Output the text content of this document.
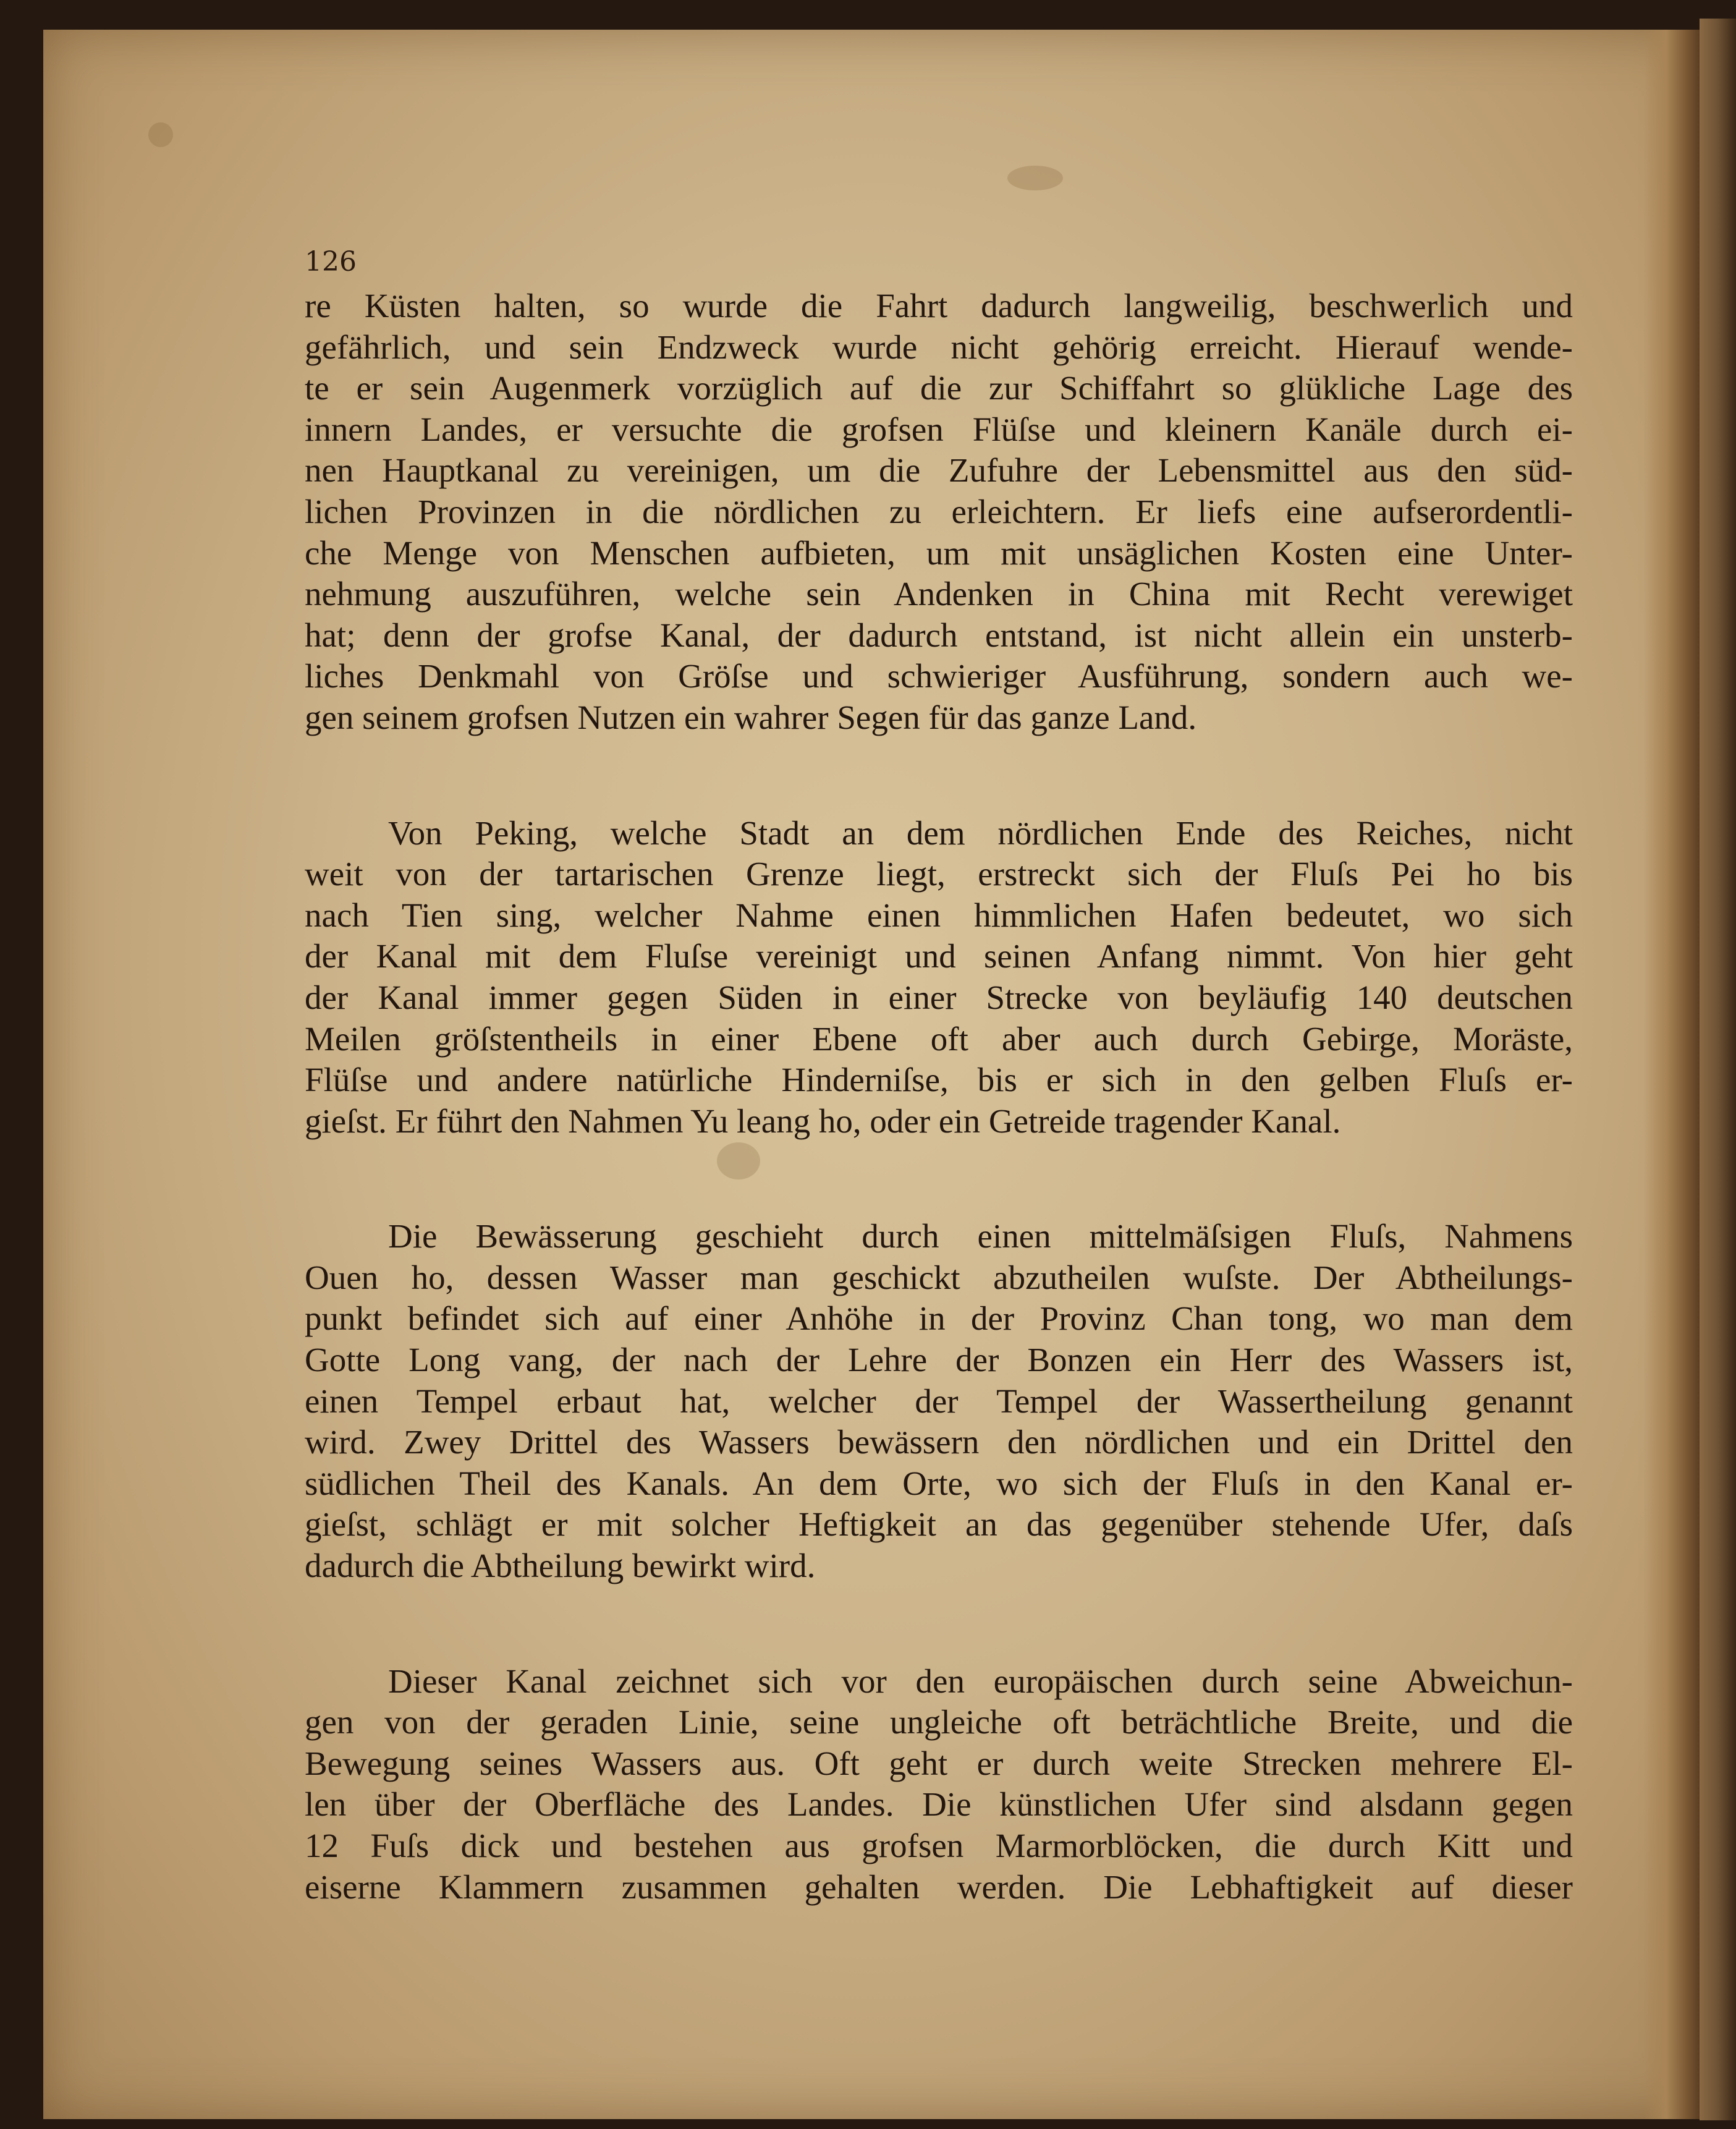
126

re Küsten halten, so wurde die Fahrt dadurch langweilig, beschwerlich und
gefährlich, und sein Endzweck wurde nicht gehörig erreicht. Hierauf wende-
te er sein Augenmerk vorzüglich auf die zur Schiffahrt so glükliche Lage des
innern Landes, er versuchte die grofsen Flüſse und kleinern Kanäle durch ei-
nen Hauptkanal zu vereinigen, um die Zufuhre der Lebensmittel aus den süd-
lichen Provinzen in die nördlichen zu erleichtern. Er liefs eine aufserordentli-
che Menge von Menschen aufbieten, um mit unsäglichen Kosten eine Unter-
nehmung auszuführen, welche sein Andenken in China mit Recht verewiget
hat; denn der grofse Kanal, der dadurch entstand, ist nicht allein ein unsterb-
liches Denkmahl von Gröſse und schwieriger Ausführung, sondern auch we-
gen seinem grofsen Nutzen ein wahrer Segen für das ganze Land.
Von Peking, welche Stadt an dem nördlichen Ende des Reiches, nicht
weit von der tartarischen Grenze liegt, erstreckt sich der Fluſs Pei ho bis
nach Tien sing, welcher Nahme einen himmlichen Hafen bedeutet, wo sich
der Kanal mit dem Fluſse vereinigt und seinen Anfang nimmt. Von hier geht
der Kanal immer gegen Süden in einer Strecke von beyläufig 140 deutschen
Meilen gröſstentheils in einer Ebene oft aber auch durch Gebirge, Moräste,
Flüſse und andere natürliche Hinderniſse, bis er sich in den gelben Fluſs er-
gieſst. Er führt den Nahmen Yu leang ho, oder ein Getreide tragender Kanal.
Die Bewässerung geschieht durch einen mittelmäſsigen Fluſs, Nahmens
Ouen ho, dessen Wasser man geschickt abzutheilen wuſste. Der Abtheilungs-
punkt befindet sich auf einer Anhöhe in der Provinz Chan tong, wo man dem
Gotte Long vang, der nach der Lehre der Bonzen ein Herr des Wassers ist,
einen Tempel erbaut hat, welcher der Tempel der Wassertheilung genannt
wird. Zwey Drittel des Wassers bewässern den nördlichen und ein Drittel den
südlichen Theil des Kanals. An dem Orte, wo sich der Fluſs in den Kanal er-
gieſst, schlägt er mit solcher Heftigkeit an das gegenüber stehende Ufer, daſs
dadurch die Abtheilung bewirkt wird.
Dieser Kanal zeichnet sich vor den europäischen durch seine Abweichun-
gen von der geraden Linie, seine ungleiche oft beträchtliche Breite, und die
Bewegung seines Wassers aus. Oft geht er durch weite Strecken mehrere El-
len über der Oberfläche des Landes. Die künstlichen Ufer sind alsdann gegen
12 Fuſs dick und bestehen aus grofsen Marmorblöcken, die durch Kitt und
eiserne Klammern zusammen gehalten werden. Die Lebhaftigkeit auf dieser
